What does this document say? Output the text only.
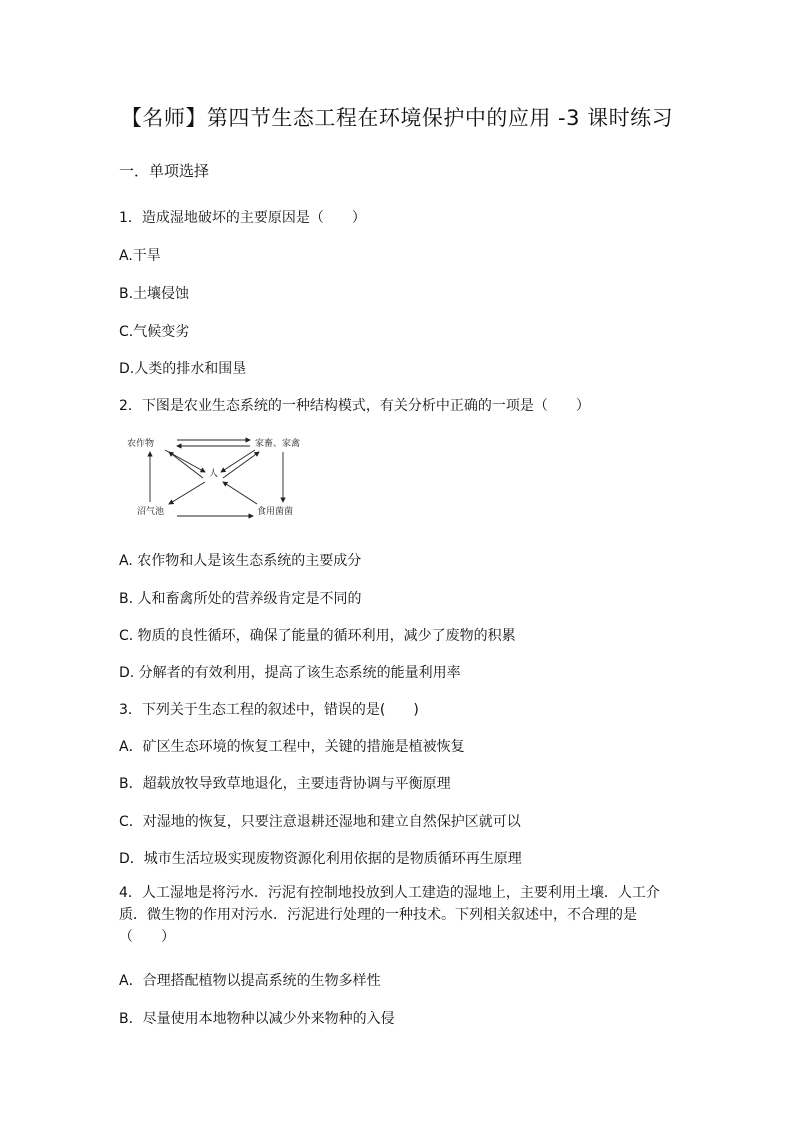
【名师】第四节生态工程在环境保护中的应用 -3 课时练习
一．单项选择
1．造成湿地破坏的主要原因是（　　）
A.干旱
B.土壤侵蚀
C.气候变劣
D.人类的排水和围垦
2．下图是农业生态系统的一种结构模式，有关分析中正确的一项是（　　）
农作物	家畜、家禽
人
沼气池	食用菌菌
A. 农作物和人是该生态系统的主要成分
B. 人和畜禽所处的营养级肯定是不同的
C. 物质的良性循环，确保了能量的循环利用，减少了废物的积累
D. 分解者的有效利用，提高了该生态系统的能量利用率
3．下列关于生态工程的叙述中，错误的是(　　)
A．矿区生态环境的恢复工程中，关键的措施是植被恢复
B．超载放牧导致草地退化，主要违背协调与平衡原理
C．对湿地的恢复，只要注意退耕还湿地和建立自然保护区就可以
D．城市生活垃圾实现废物资源化利用依据的是物质循环再生原理
4．人工湿地是将污水．污泥有控制地投放到人工建造的湿地上，主要利用土壤．人工介质．微生物的作用对污水．污泥进行处理的一种技术。下列相关叙述中，不合理的是（　　）
A．合理搭配植物以提高系统的生物多样性
B．尽量使用本地物种以减少外来物种的入侵
